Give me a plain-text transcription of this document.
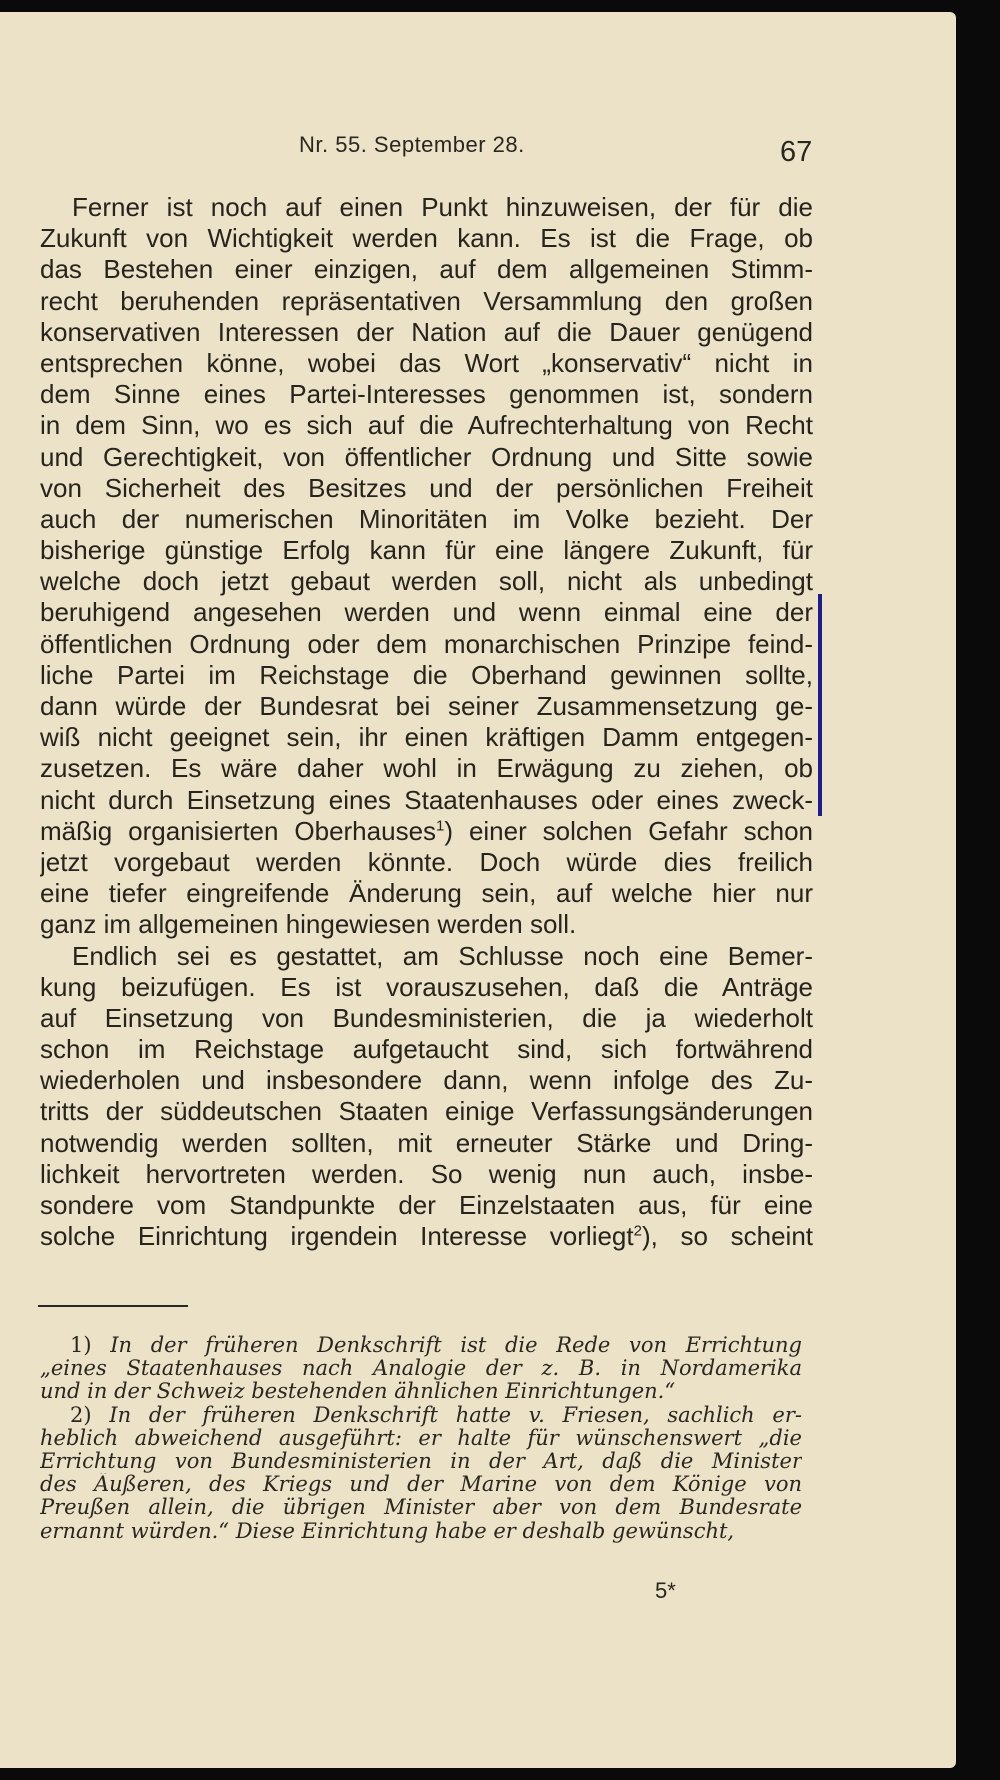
Nr. 55. September 28.	67
Ferner ist noch auf einen Punkt hinzuweisen, der für die
Zukunft von Wichtigkeit werden kann. Es ist die Frage, ob
das Bestehen einer einzigen, auf dem allgemeinen Stimm-
recht beruhenden repräsentativen Versammlung den großen
konservativen Interessen der Nation auf die Dauer genügend
entsprechen könne, wobei das Wort „konservativ“ nicht in
dem Sinne eines Partei-Interesses genommen ist, sondern
in dem Sinn, wo es sich auf die Aufrechterhaltung von Recht
und Gerechtigkeit, von öffentlicher Ordnung und Sitte sowie
von Sicherheit des Besitzes und der persönlichen Freiheit
auch der numerischen Minoritäten im Volke bezieht. Der
bisherige günstige Erfolg kann für eine längere Zukunft, für
welche doch jetzt gebaut werden soll, nicht als unbedingt
beruhigend angesehen werden und wenn einmal eine der
öffentlichen Ordnung oder dem monarchischen Prinzipe feind-
liche Partei im Reichstage die Oberhand gewinnen sollte,
dann würde der Bundesrat bei seiner Zusammensetzung ge-
wiß nicht geeignet sein, ihr einen kräftigen Damm entgegen-
zusetzen. Es wäre daher wohl in Erwägung zu ziehen, ob
nicht durch Einsetzung eines Staatenhauses oder eines zweck-
mäßig organisierten Oberhauses$^1$) einer solchen Gefahr schon
jetzt vorgebaut werden könnte. Doch würde dies freilich
eine tiefer eingreifende Änderung sein, auf welche hier nur
ganz im allgemeinen hingewiesen werden soll.
Endlich sei es gestattet, am Schlusse noch eine Bemer-
kung beizufügen. Es ist vorauszusehen, daß die Anträge
auf Einsetzung von Bundesministerien, die ja wiederholt
schon im Reichstage aufgetaucht sind, sich fortwährend
wiederholen und insbesondere dann, wenn infolge des Zu-
tritts der süddeutschen Staaten einige Verfassungsänderungen
notwendig werden sollten, mit erneuter Stärke und Dring-
lichkeit hervortreten werden. So wenig nun auch, insbe-
sondere vom Standpunkte der Einzelstaaten aus, für eine
solche Einrichtung irgendein Interesse vorliegt$^2$), so scheint
1) In der früheren Denkschrift ist die Rede von Errichtung
„eines Staatenhauses nach Analogie der z. B. in Nordamerika
und in der Schweiz bestehenden ähnlichen Einrichtungen.“
2) In der früheren Denkschrift hatte v. Friesen, sachlich er-
heblich abweichend ausgeführt: er halte für wünschenswert „die
Errichtung von Bundesministerien in der Art, daß die Minister
des Äußeren, des Kriegs und der Marine von dem Könige von
Preußen allein, die übrigen Minister aber von dem Bundesrate
ernannt würden.“ Diese Einrichtung habe er deshalb gewünscht,
5*
